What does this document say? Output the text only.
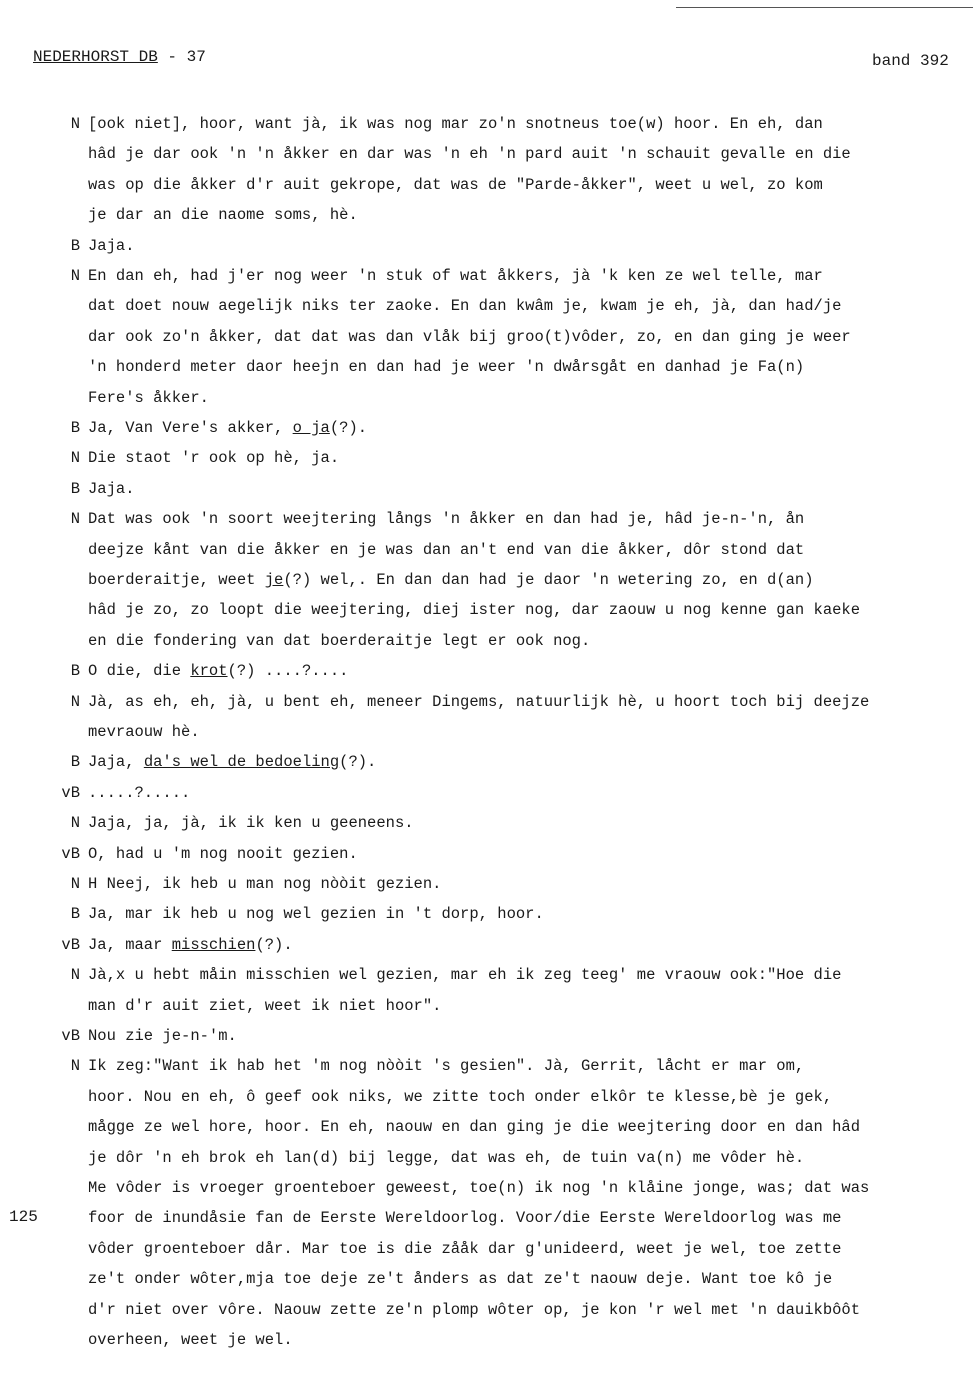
NEDERHORST DB - 37	band 392
N [ook niet], hoor, want jà, ik was nog mar zo'n snotneus toe(w) hoor. En eh, dan
hâd je dar ook 'n 'n åkker en dar was 'n eh 'n pard auit 'n schauit gevalle en die
was op die åkker d'r auit gekrope, dat was de "Parde-åkker", weet u wel, zo kom
je dar an die naome soms, hè.
B Jaja.
N En dan eh, had j'er nog weer 'n stuk of wat åkkers, jà 'k ken ze wel telle, mar
dat doet nouw aegelijk niks ter zaoke. En dan kwâm je, kwam je eh, jà, dan had/je
dar ook zo'n åkker, dat dat was dan vlåk bij groo(t)vôder, zo, en dan ging je weer
'n honderd meter daor heejn en dan had je weer 'n dwårsgåt en danhad je Fa(n)
Fere's åkker.
B Ja, Van Vere's akker, o ja(?).
N Die staot 'r ook op hè, ja.
B Jaja.
N Dat was ook 'n soort weejtering långs 'n åkker en dan had je, hâd je-n-'n, ån
deejze kånt van die åkker en je was dan an't end van die åkker, dôr stond dat
boerderaitje, weet je(?) wel,. En dan dan had je daor 'n wetering zo, en d(an)
hâd je zo, zo loopt die weejtering, diej ister nog, dar zaouw u nog kenne gan kaeke
en die fondering van dat boerderaitje legt er ook nog.
B O die, die krot(?) ....?....
N Jà, as eh, eh, jà, u bent eh, meneer Dingems, natuurlijk hè, u hoort toch bij deejze
mevraouw hè.
B Jaja, da's wel de bedoeling(?).
vB .....?.....
N Jaja, ja, jà, ik ik ken u geeneens.
vB O, had u 'm nog nooit gezien.
N H Neej, ik heb u man nog nòòit gezien.
B Ja, mar ik heb u nog wel gezien in 't dorp, hoor.
vB Ja, maar misschien(?).
N Jà,x u hebt måin misschien wel gezien, mar eh ik zeg teeg' me vraouw ook:"Hoe die
man d'r auit ziet, weet ik niet hoor".
vB Nou zie je-n-'m.
N Ik zeg:"Want ik hab het 'm nog nòòit 's gesien". Jà, Gerrit, låcht er mar om,
hoor. Nou en eh, ô geef ook niks, we zitte toch onder elkôr te klesse,bè je gek,
mågge ze wel hore, hoor. En eh, naouw en dan ging je die weejtering door en dan hâd
je dôr 'n eh brok eh lan(d) bij legge, dat was eh, de tuin va(n) me vôder hè.
Me vôder is vroeger groenteboer geweest, toe(n) ik nog 'n klåine jonge, was; dat was
foor de inundåsie fan de Eerste Wereldoorlog. Voor/die Eerste Wereldoorlog was me
vôder groenteboer dår. Mar toe is die zååk dar g'unideerd, weet je wel, toe zette
ze't onder wôter,mja toe deje ze't ånders as dat ze't naouw deje. Want toe kô je
d'r niet over vôre. Naouw zette ze'n plomp wôter op, je kon 'r wel met 'n dauikbôôt
overheen, weet je wel.
125
